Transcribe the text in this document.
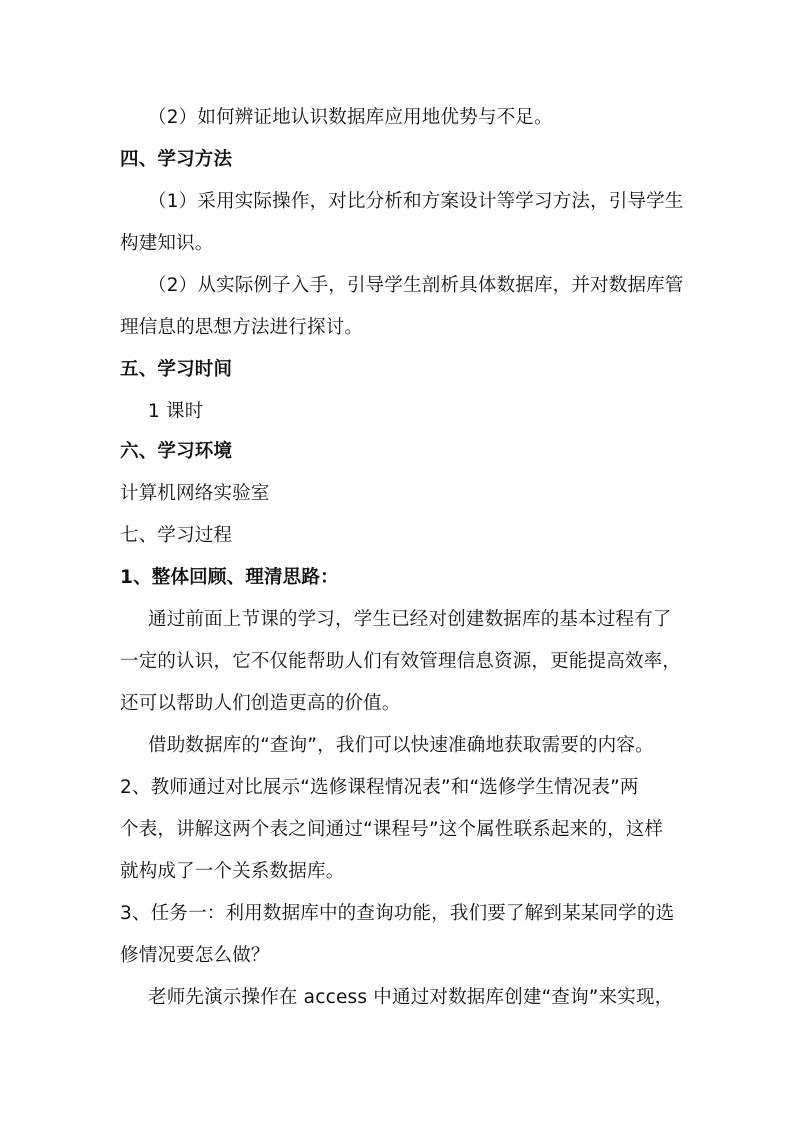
（2）如何辨证地认识数据库应用地优势与不足。
四、学习方法
（1）采用实际操作，对比分析和方案设计等学习方法，引导学生
构建知识。
（2）从实际例子入手，引导学生剖析具体数据库，并对数据库管
理信息的思想方法进行探讨。
五、学习时间
1 课时
六、学习环境
计算机网络实验室
七、学习过程
1、整体回顾、理清思路：
通过前面上节课的学习，学生已经对创建数据库的基本过程有了
一定的认识，它不仅能帮助人们有效管理信息资源，更能提高效率，
还可以帮助人们创造更高的价值。
借助数据库的“查询”，我们可以快速准确地获取需要的内容。
2、教师通过对比展示“选修课程情况表”和“选修学生情况表”两
个表，讲解这两个表之间通过“课程号”这个属性联系起来的，这样
就构成了一个关系数据库。
3、任务一：利用数据库中的查询功能，我们要了解到某某同学的选
修情况要怎么做？
老师先演示操作在 access 中通过对数据库创建“查询”来实现，
